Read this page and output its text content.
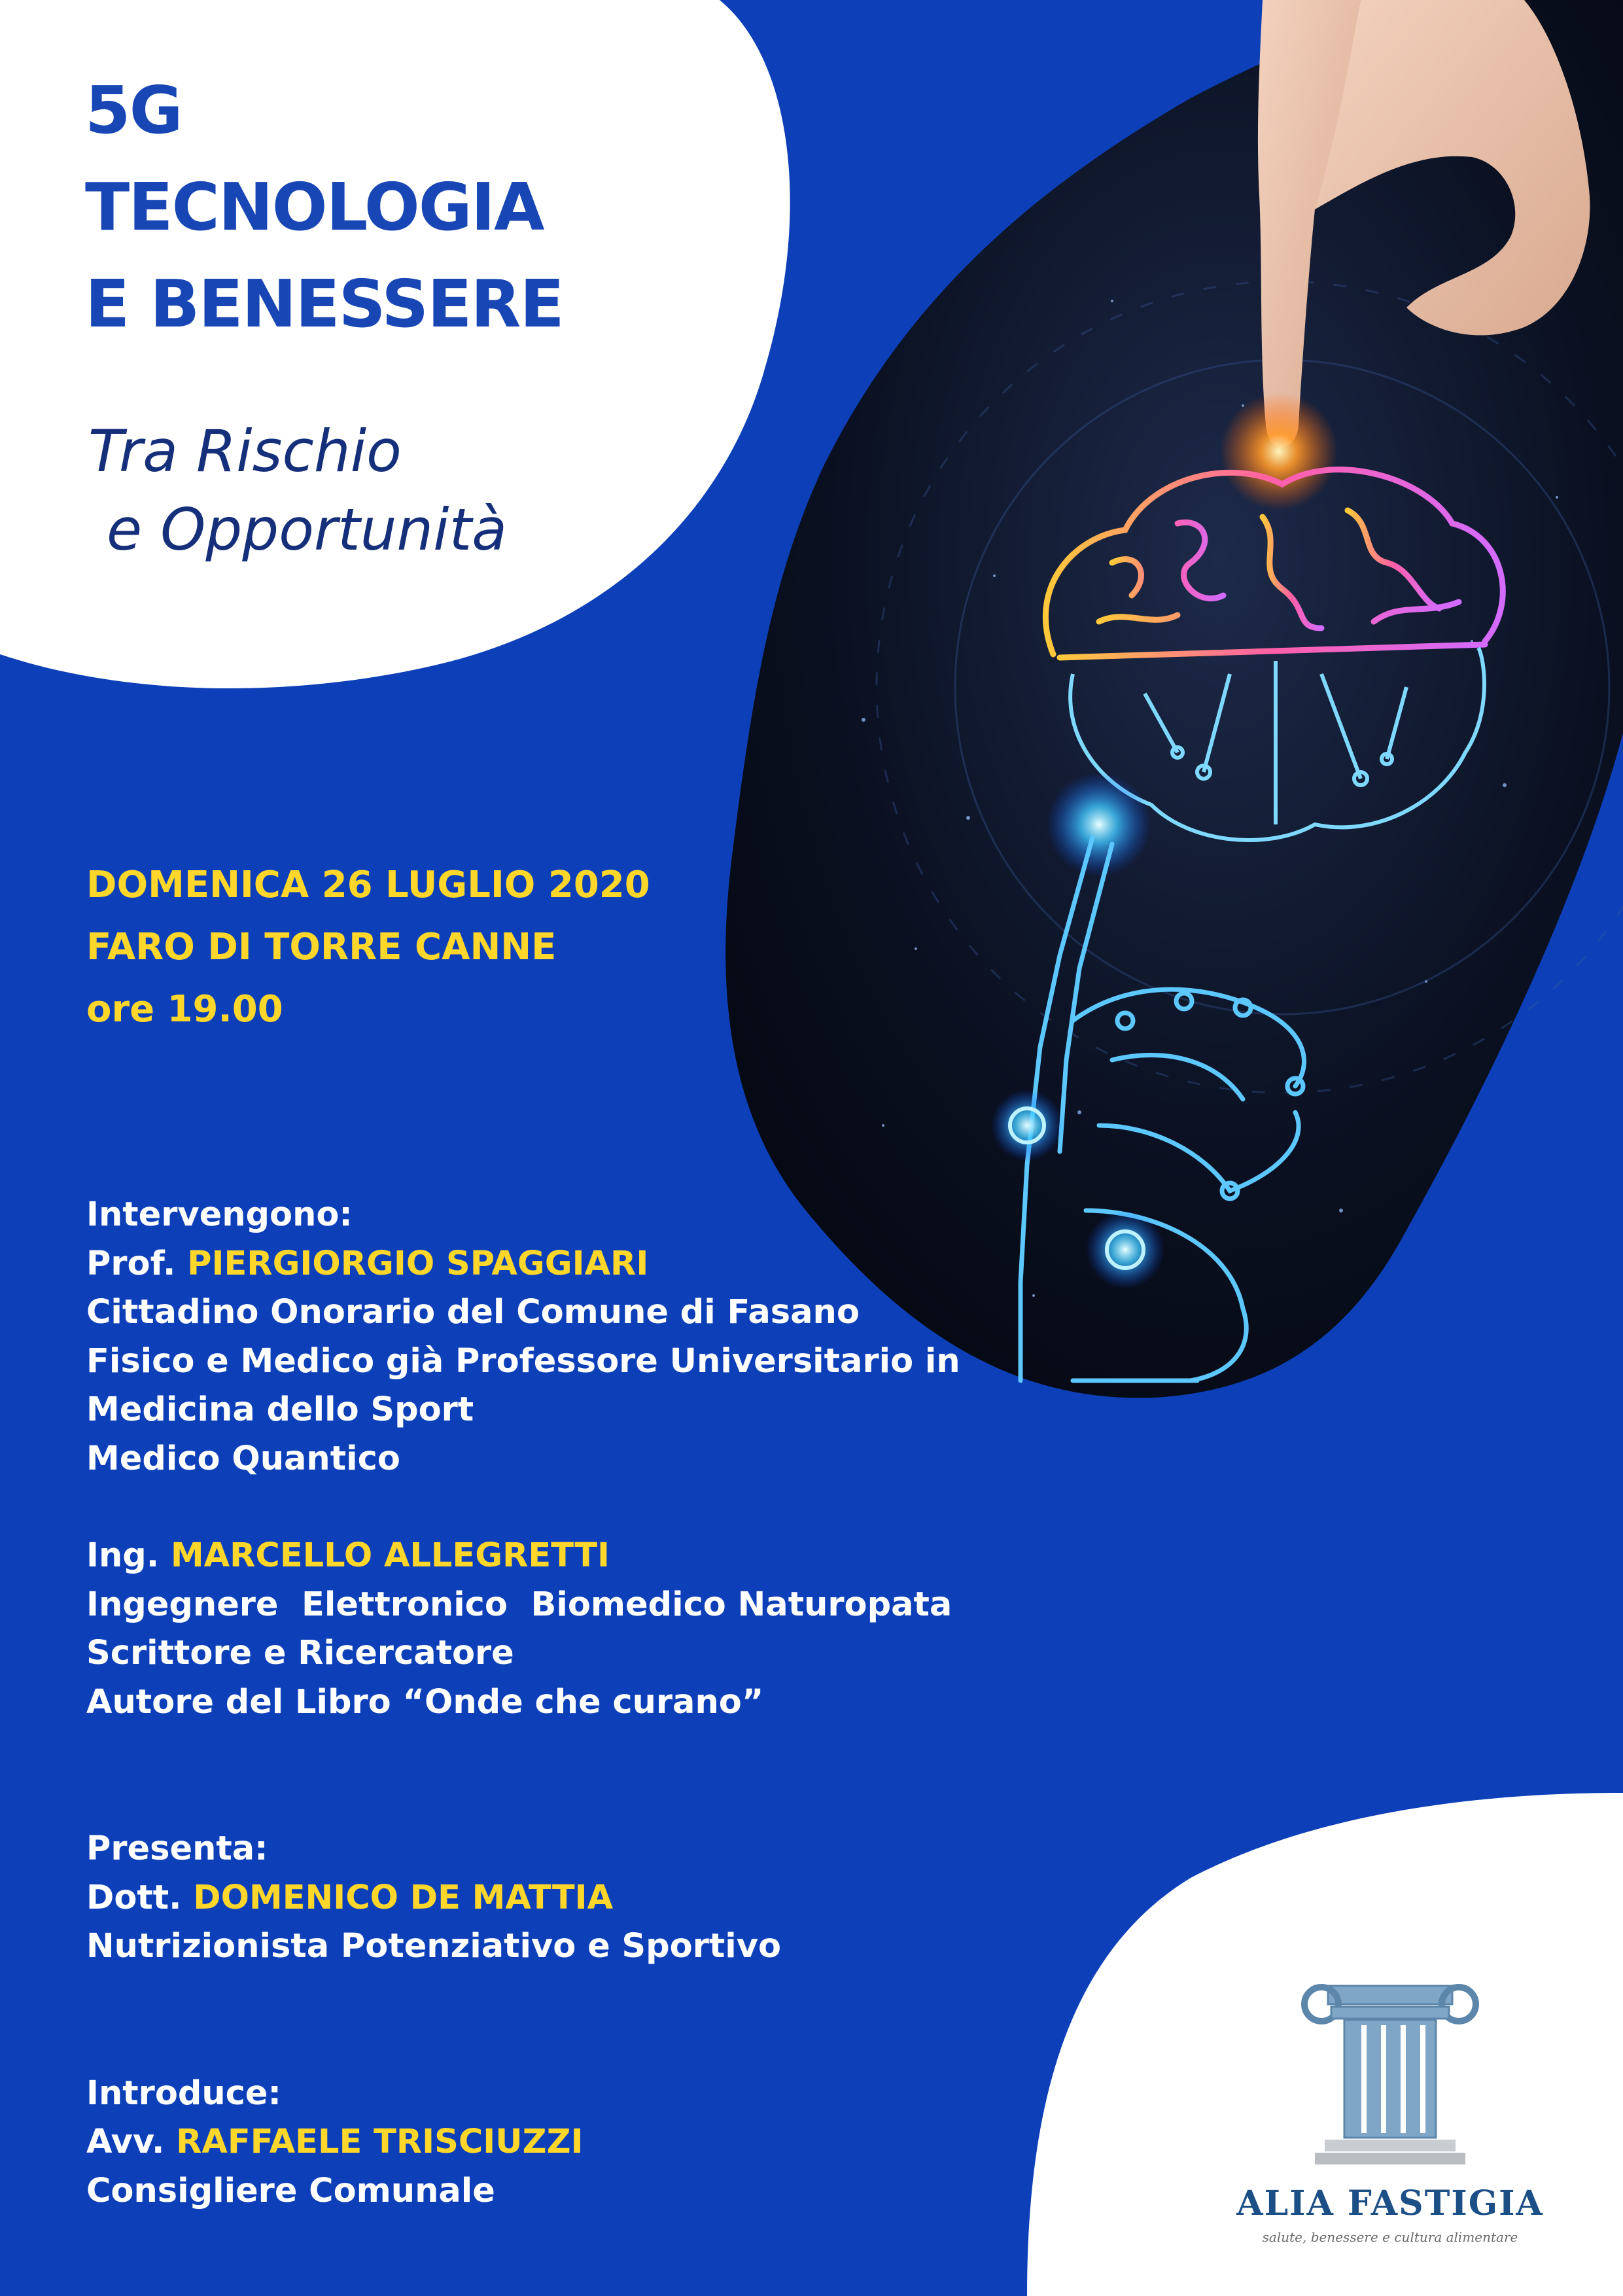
5G
TECNOLOGIA
E BENESSERE
Tra Rischio
e Opportunità
DOMENICA 26 LUGLIO 2020
FARO DI TORRE CANNE
ore 19.00
Intervengono:
Prof. PIERGIORGIO SPAGGIARI
Cittadino Onorario del Comune di Fasano
Fisico e Medico già Professore Universitario in
Medicina dello Sport
Medico Quantico
Ing. MARCELLO ALLEGRETTI
Ingegnere  Elettronico  Biomedico Naturopata
Scrittore e Ricercatore
Autore del Libro “Onde che curano”
Presenta:
Dott. DOMENICO DE MATTIA
Nutrizionista Potenziativo e Sportivo
Introduce:
Avv. RAFFAELE TRISCIUZZI
Consigliere Comunale	ALIA FASTIGIA
salute, benessere e cultura alimentare
